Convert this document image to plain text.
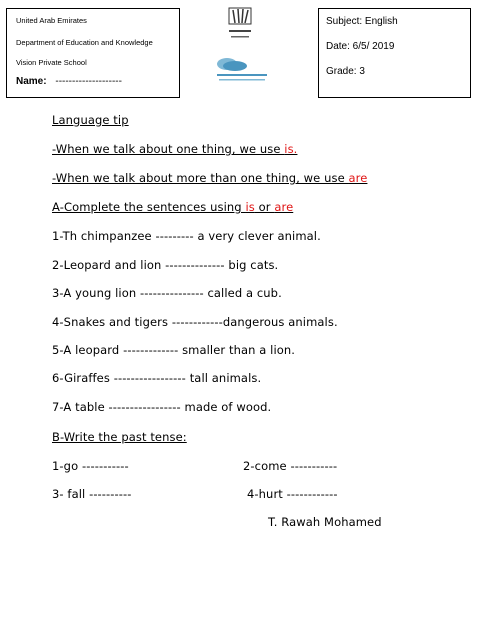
United Arab Emirates
Department of Education and Knowledge
Vision Private School
Name: --------------------
Subject: English
Date: 6/5/ 2019
Grade: 3
Language tip
-When we talk about one thing, we use is.
-When we talk about more than one thing, we use are
A-Complete the sentences using is or are
1-Th chimpanzee --------- a very clever animal.
2-Leopard and lion -------------- big cats.
3-A young lion --------------- called a cub.
4-Snakes and tigers ------------dangerous animals.
5-A leopard ------------- smaller than a lion.
6-Giraffes ----------------- tall animals.
7-A table ----------------- made of wood.
B-Write the past tense:
1-go -----------	2-come -----------
3- fall ----------	4-hurt ------------
T. Rawah Mohamed
